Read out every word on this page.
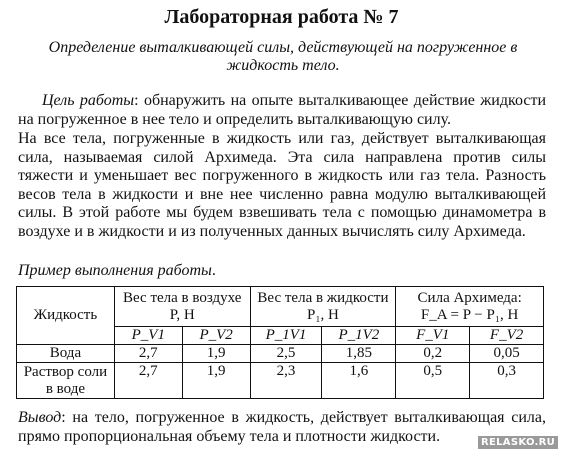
Лабораторная работа № 7
Определение выталкивающей силы, действующей на погруженное в жидкость тело.
Цель работы: обнаружить на опыте выталкивающее действие жидкости на погруженное в нее тело и определить выталкивающую силу.
На все тела, погруженные в жидкость или газ, действует выталкивающая сила, называемая силой Архимеда. Эта сила направлена против силы тяжести и уменьшает вес погруженного в жидкость или газ тела. Разность весов тела в жидкости и вне нее численно равна модулю выталкивающей силы. В этой работе мы будем взвешивать тела с помощью динамометра в воздухе и в жидкости и из полученных данных вычислять силу Архимеда.
Пример выполнения работы.
Жидкость	Вес тела в воздухе P, Н		Вес тела в жидкости P₁, Н		Сила Архимеда:
F_A = P − P₁, Н	

	P_V1	P_V2	P_1V1	P_1V2	F_V1	F_V2
Вода	2,7	1,9	2,5	1,85	0,2	0,05
Раствор соли в воде	2,7	1,9	2,3	1,6	0,5	0,3
Вывод: на тело, погруженное в жидкость, действует выталкивающая сила, прямо пропорциональная объему тела и плотности жидкости.	RELASKO.RU
